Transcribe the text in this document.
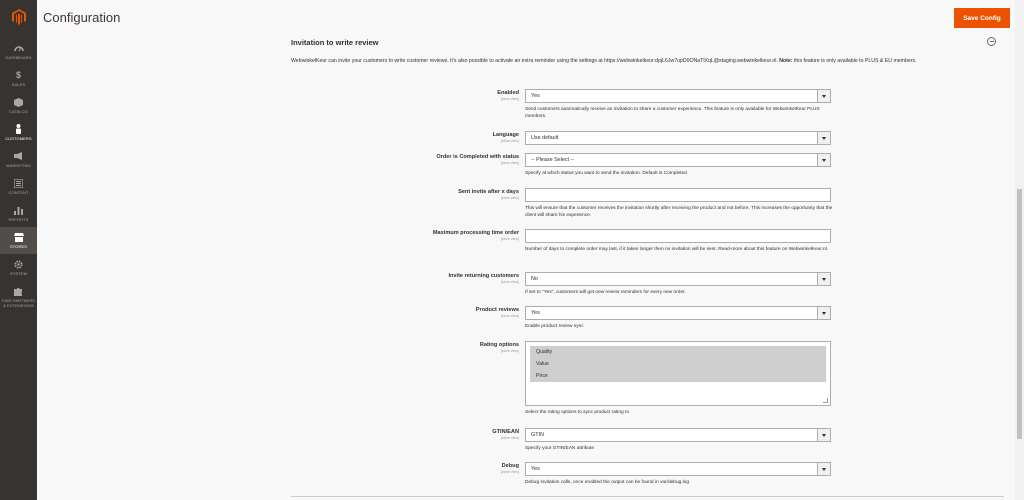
DASHBOARD
$
SALES
CATALOG
CUSTOMERS
MARKETING
CONTENT
REPORTS
STORES
SYSTEM
FIND PARTNERS & EXTENSIONS
Configuration	Save Config
Invitation to write review
WebwinkelKeur can invite your customers to write customer reviews. It's also possible to activate an extra reminder using the settings at https://webwinkelkeur:dpjL6Jw7upD0ONaTlXqL@staging.webwinkelkeur.nl. Note: this feature is only available to PLUS & EU members.
Enabled
[store view] Yes
Send customers automatically receive an invitation to share a customer experience. This feature is only available for WebwinkelKeur PLUS members.
Language
[store view] Use default
Order is Completed with status
[store view] -- Please Select --
Specify at which status you want to send the invitation. Default is Completed
Sent invite after x days
[store view]
This will ensure that the customer receives the invitation shortly after receiving the product and not before. This increases the opportunity that the client will share his experience.
Maximum processing time order
[store view]
Number of days to complete order may last, if it takes longer then no invitation will be sent. Read-more about this feature on WebwinkelKeur.nl.
Invite returning customers
[store view] No
If set to "Yes", customers will get new review reminders for every new order.
Product reviews
[store view] Yes
Enable product review sync
Rating options
[store view]	Quality
Value
Price
Select the rating options to sync product rating to
GTIN/EAN
[store view] GTIN
Specify your GTIN/EAN attribute
Debug
[store view] Yes
Debug invitation calls, once enabled the output can be found in var/debug.log
